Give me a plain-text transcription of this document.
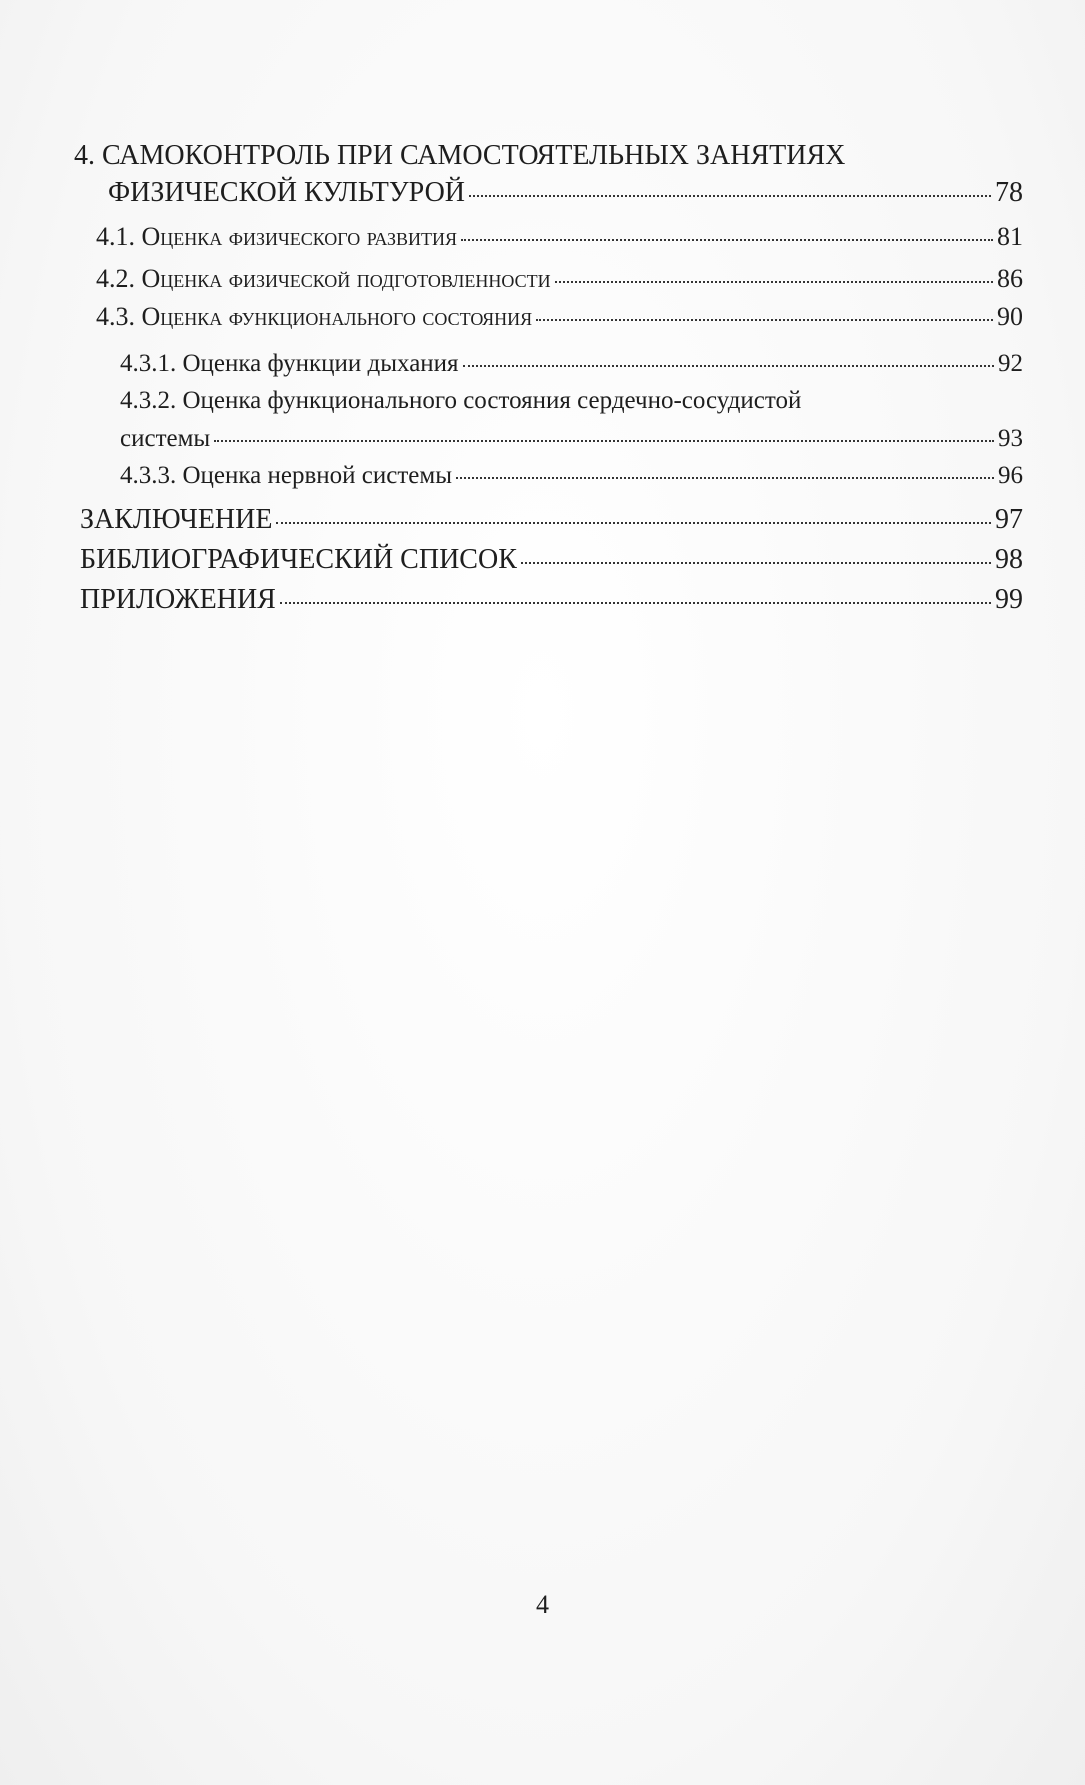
4. САМОКОНТРОЛЬ ПРИ САМОСТОЯТЕЛЬНЫХ ЗАНЯТИЯХ
ФИЗИЧЕСКОЙ КУЛЬТУРОЙ	78
4.1. Оценка физического развития	81
4.2. Оценка физической подготовленности	86
4.3. Оценка функционального состояния	90
4.3.1. Оценка функции дыхания	92
4.3.2. Оценка функционального состояния сердечно-сосудистой
системы	93
4.3.3. Оценка нервной системы	96
ЗАКЛЮЧЕНИЕ	97
БИБЛИОГРАФИЧЕСКИЙ СПИСОК	98
ПРИЛОЖЕНИЯ	99
4
